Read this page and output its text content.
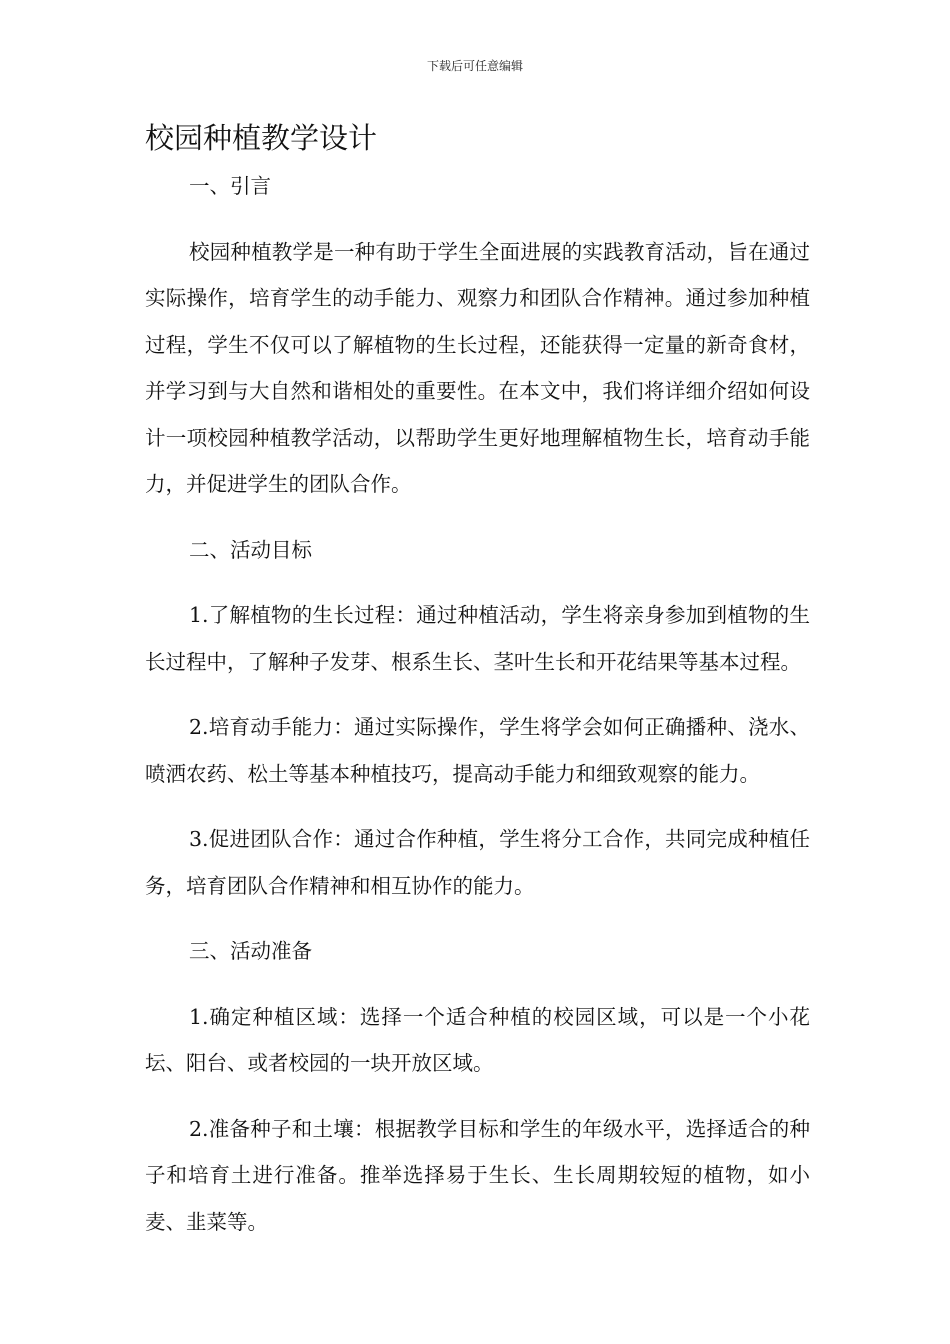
下载后可任意编辑
校园种植教学设计

一、引言

校园种植教学是一种有助于学生全面进展的实践教育活动，旨在通过实际操作，培育学生的动手能力、观察力和团队合作精神。通过参加种植过程，学生不仅可以了解植物的生长过程，还能获得一定量的新奇食材，并学习到与大自然和谐相处的重要性。在本文中，我们将详细介绍如何设计一项校园种植教学活动，以帮助学生更好地理解植物生长，培育动手能力，并促进学生的团队合作。

二、活动目标

1.了解植物的生长过程：通过种植活动，学生将亲身参加到植物的生长过程中，了解种子发芽、根系生长、茎叶生长和开花结果等基本过程。

2.培育动手能力：通过实际操作，学生将学会如何正确播种、浇水、喷洒农药、松土等基本种植技巧，提高动手能力和细致观察的能力。

3.促进团队合作：通过合作种植，学生将分工合作，共同完成种植任务，培育团队合作精神和相互协作的能力。

三、活动准备

1.确定种植区域：选择一个适合种植的校园区域，可以是一个小花坛、阳台、或者校园的一块开放区域。

2.准备种子和土壤：根据教学目标和学生的年级水平，选择适合的种子和培育土进行准备。推举选择易于生长、生长周期较短的植物，如小麦、韭菜等。
